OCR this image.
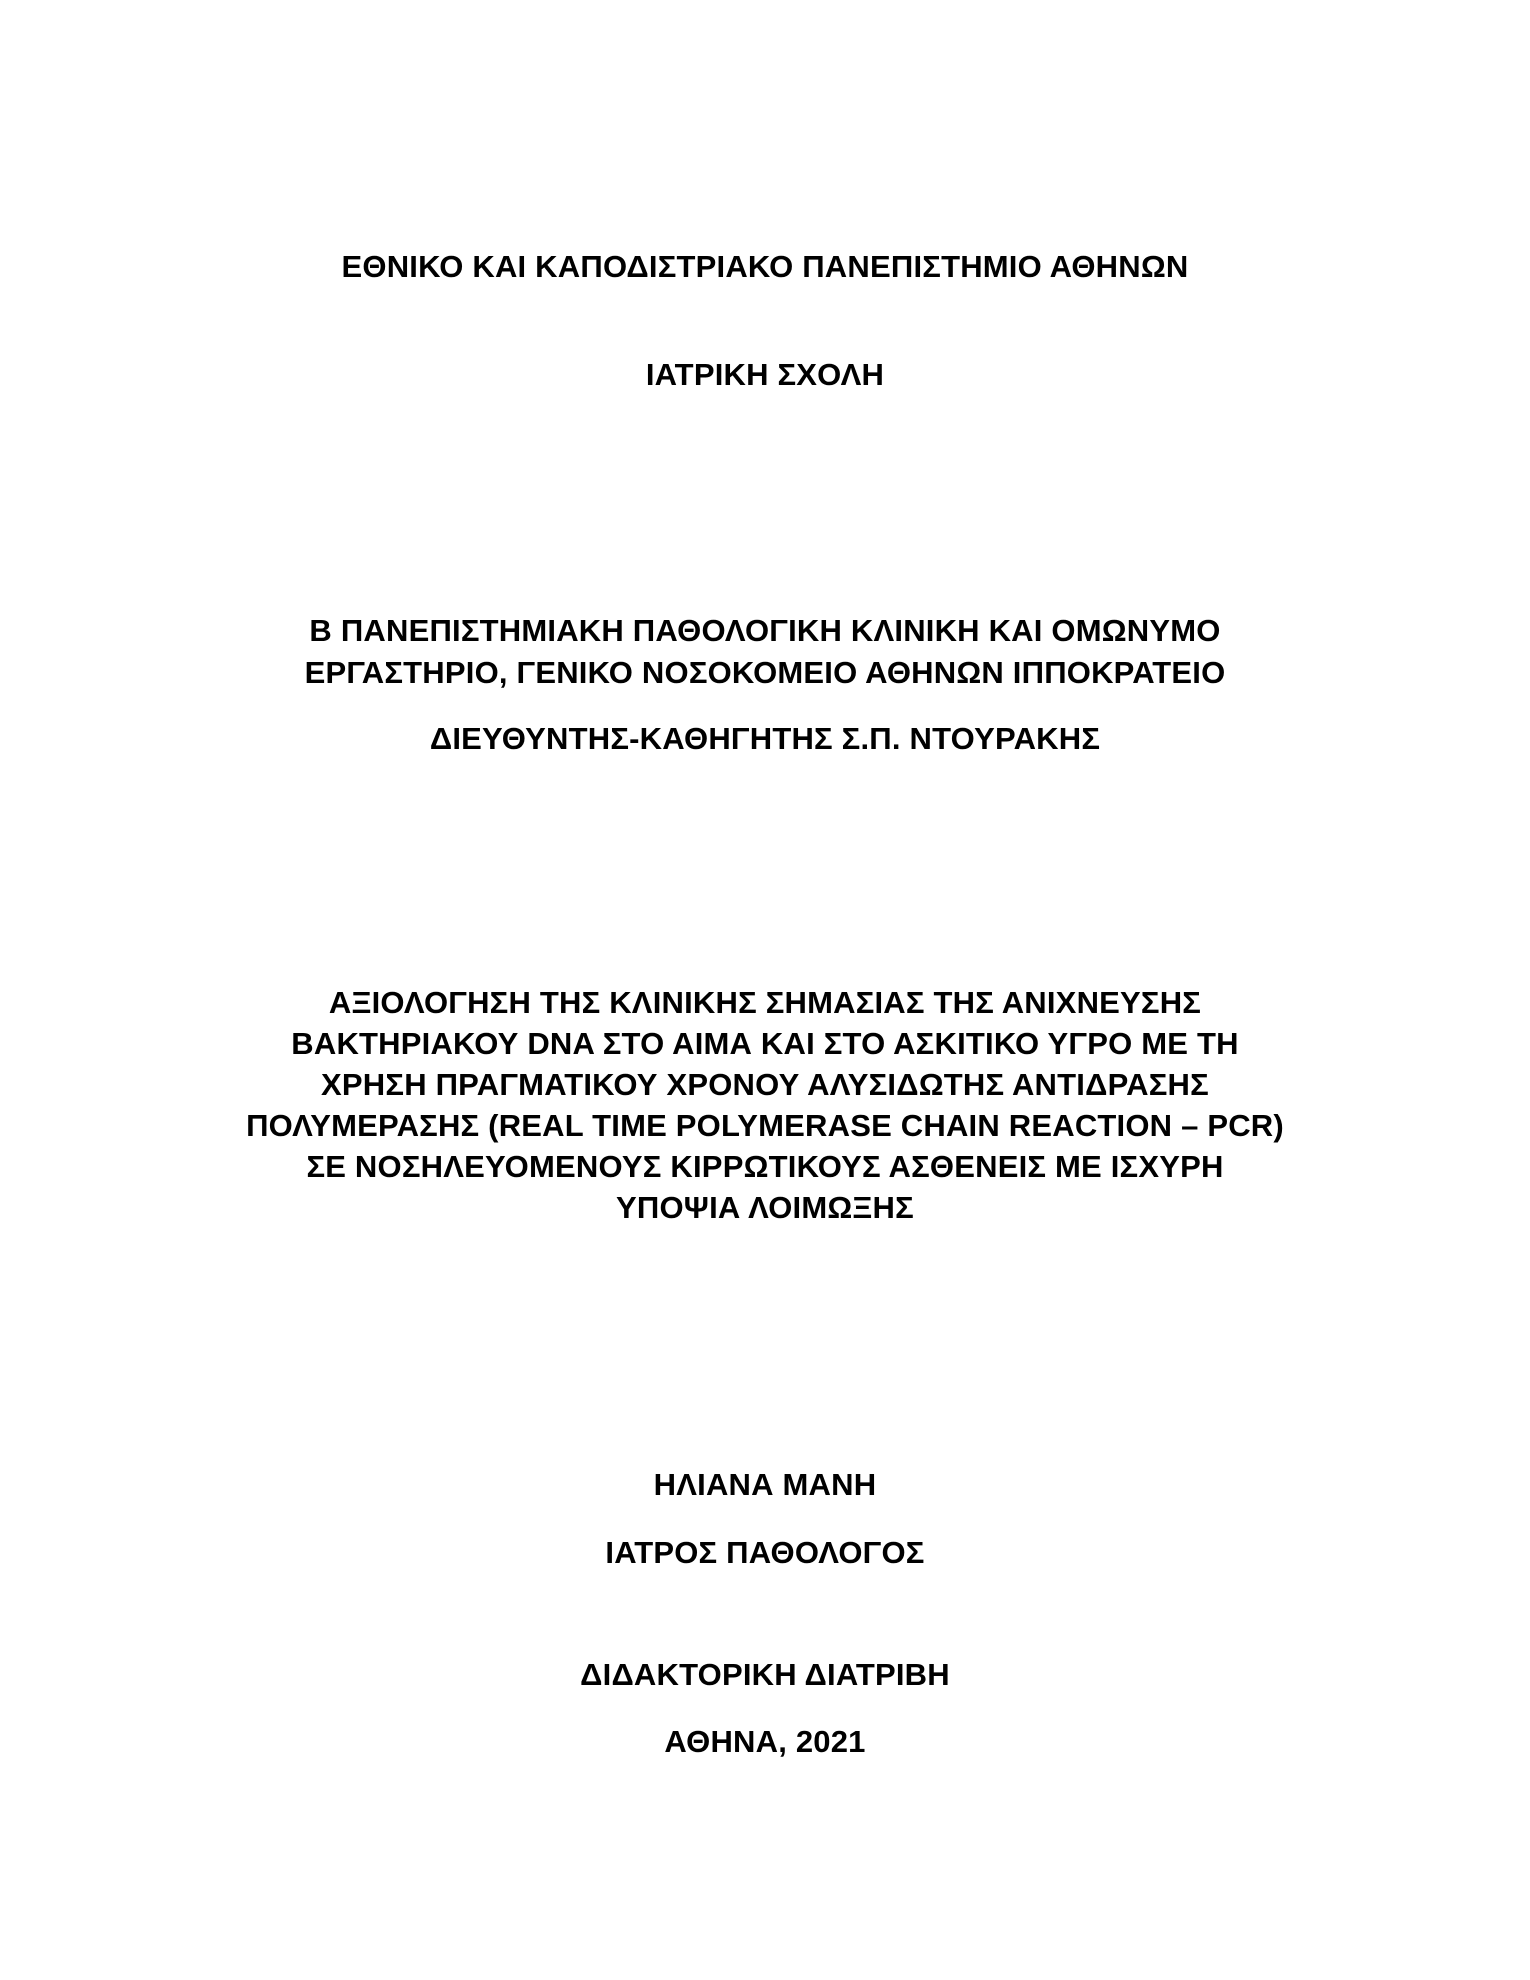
ΕΘΝΙΚΟ ΚΑΙ ΚΑΠΟΔΙΣΤΡΙΑΚΟ ΠΑΝΕΠΙΣΤΗΜΙΟ ΑΘΗΝΩΝ
ΙΑΤΡΙΚΗ ΣΧΟΛΗ
Β ΠΑΝΕΠΙΣΤΗΜΙΑΚΗ ΠΑΘΟΛΟΓΙΚΗ ΚΛΙΝΙΚΗ ΚΑΙ ΟΜΩΝΥΜΟ
ΕΡΓΑΣΤΗΡΙΟ, ΓΕΝΙΚΟ ΝΟΣΟΚΟΜΕΙΟ ΑΘΗΝΩΝ ΙΠΠΟΚΡΑΤΕΙΟ
ΔΙΕΥΘΥΝΤΗΣ-ΚΑΘΗΓΗΤΗΣ Σ.Π. ΝΤΟΥΡΑΚΗΣ
ΑΞΙΟΛΟΓΗΣΗ ΤΗΣ ΚΛΙΝΙΚΗΣ ΣΗΜΑΣΙΑΣ ΤΗΣ ΑΝΙΧΝΕΥΣΗΣ
ΒΑΚΤΗΡΙΑΚΟΥ DNA ΣΤΟ ΑΙΜΑ ΚΑΙ ΣΤΟ ΑΣΚΙΤΙΚΟ ΥΓΡΟ ΜΕ ΤΗ
ΧΡΗΣΗ ΠΡΑΓΜΑΤΙΚΟΥ ΧΡΟΝΟΥ ΑΛΥΣΙΔΩΤΗΣ ΑΝΤΙΔΡΑΣΗΣ
ΠΟΛΥΜΕΡΑΣΗΣ (REAL TIME POLYMERASE CHAIN REACTION – PCR)
ΣΕ ΝΟΣΗΛΕΥΟΜΕΝΟΥΣ ΚΙΡΡΩΤΙΚΟΥΣ ΑΣΘΕΝΕΙΣ ΜΕ ΙΣΧΥΡΗ
ΥΠΟΨΙΑ ΛΟΙΜΩΞΗΣ
ΗΛΙΑΝΑ ΜΑΝΗ
ΙΑΤΡΟΣ ΠΑΘΟΛΟΓΟΣ
ΔΙΔΑΚΤΟΡΙΚΗ ΔΙΑΤΡΙΒΗ
ΑΘΗΝΑ, 2021
